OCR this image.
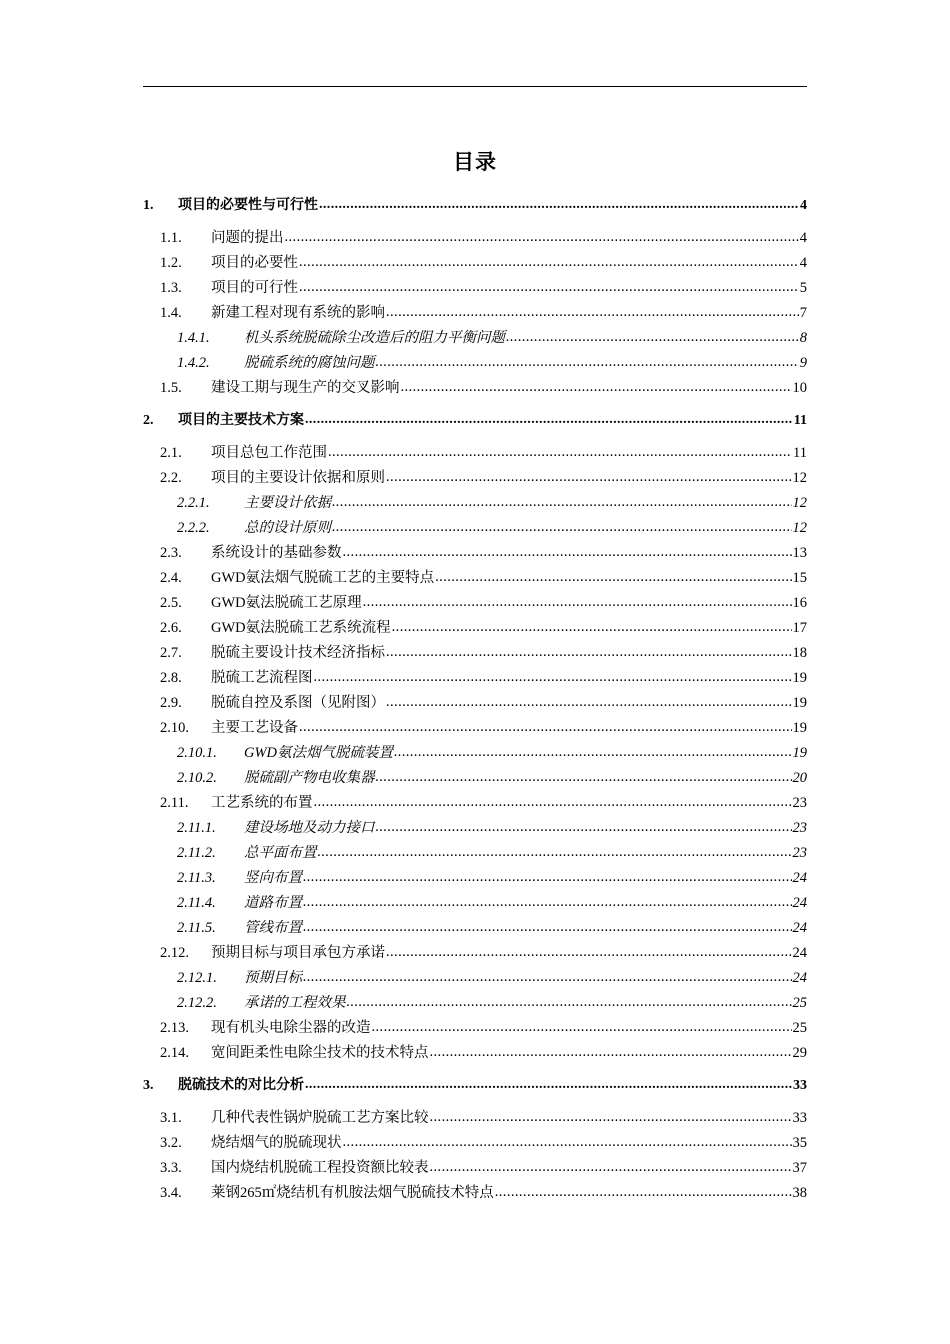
目录
1.	项目的必要性与可行性 .....	4
1.1.	问题的提出 .....	4
1.2.	项目的必要性 .....	4
1.3.	项目的可行性 .....	5
1.4.	新建工程对现有系统的影响 .....	7
1.4.1.	机头系统脱硫除尘改造后的阻力平衡问题 .....	8
1.4.2.	脱硫系统的腐蚀问题 .....	9
1.5.	建设工期与现生产的交叉影响 .....	10
2.	项目的主要技术方案 .....	11
2.1.	项目总包工作范围 .....	11
2.2.	项目的主要设计依据和原则 .....	12
2.2.1.	主要设计依据 .....	12
2.2.2.	总的设计原则 .....	12
2.3.	系统设计的基础参数 .....	13
2.4.	GWD氨法烟气脱硫工艺的主要特点 .....	15
2.5.	GWD氨法脱硫工艺原理 .....	16
2.6.	GWD氨法脱硫工艺系统流程 .....	17
2.7.	脱硫主要设计技术经济指标 .....	18
2.8.	脱硫工艺流程图 .....	19
2.9.	脱硫自控及系图（见附图） .....	19
2.10.	主要工艺设备 .....	19
2.10.1.	GWD氨法烟气脱硫装置 .....	19
2.10.2.	脱硫副产物电收集器 .....	20
2.11.	工艺系统的布置 .....	23
2.11.1.	建设场地及动力接口 .....	23
2.11.2.	总平面布置 .....	23
2.11.3.	竖向布置 .....	24
2.11.4.	道路布置 .....	24
2.11.5.	管线布置 .....	24
2.12.	预期目标与项目承包方承诺 .....	24
2.12.1.	预期目标 .....	24
2.12.2.	承诺的工程效果 .....	25
2.13.	现有机头电除尘器的改造 .....	25
2.14.	宽间距柔性电除尘技术的技术特点 .....	29
3.	脱硫技术的对比分析 .....	33
3.1.	几种代表性锅炉脱硫工艺方案比较 .....	33
3.2.	烧结烟气的脱硫现状 .....	35
3.3.	国内烧结机脱硫工程投资额比较表 .....	37
3.4.	莱钢265㎡烧结机有机胺法烟气脱硫技术特点 .....	38
